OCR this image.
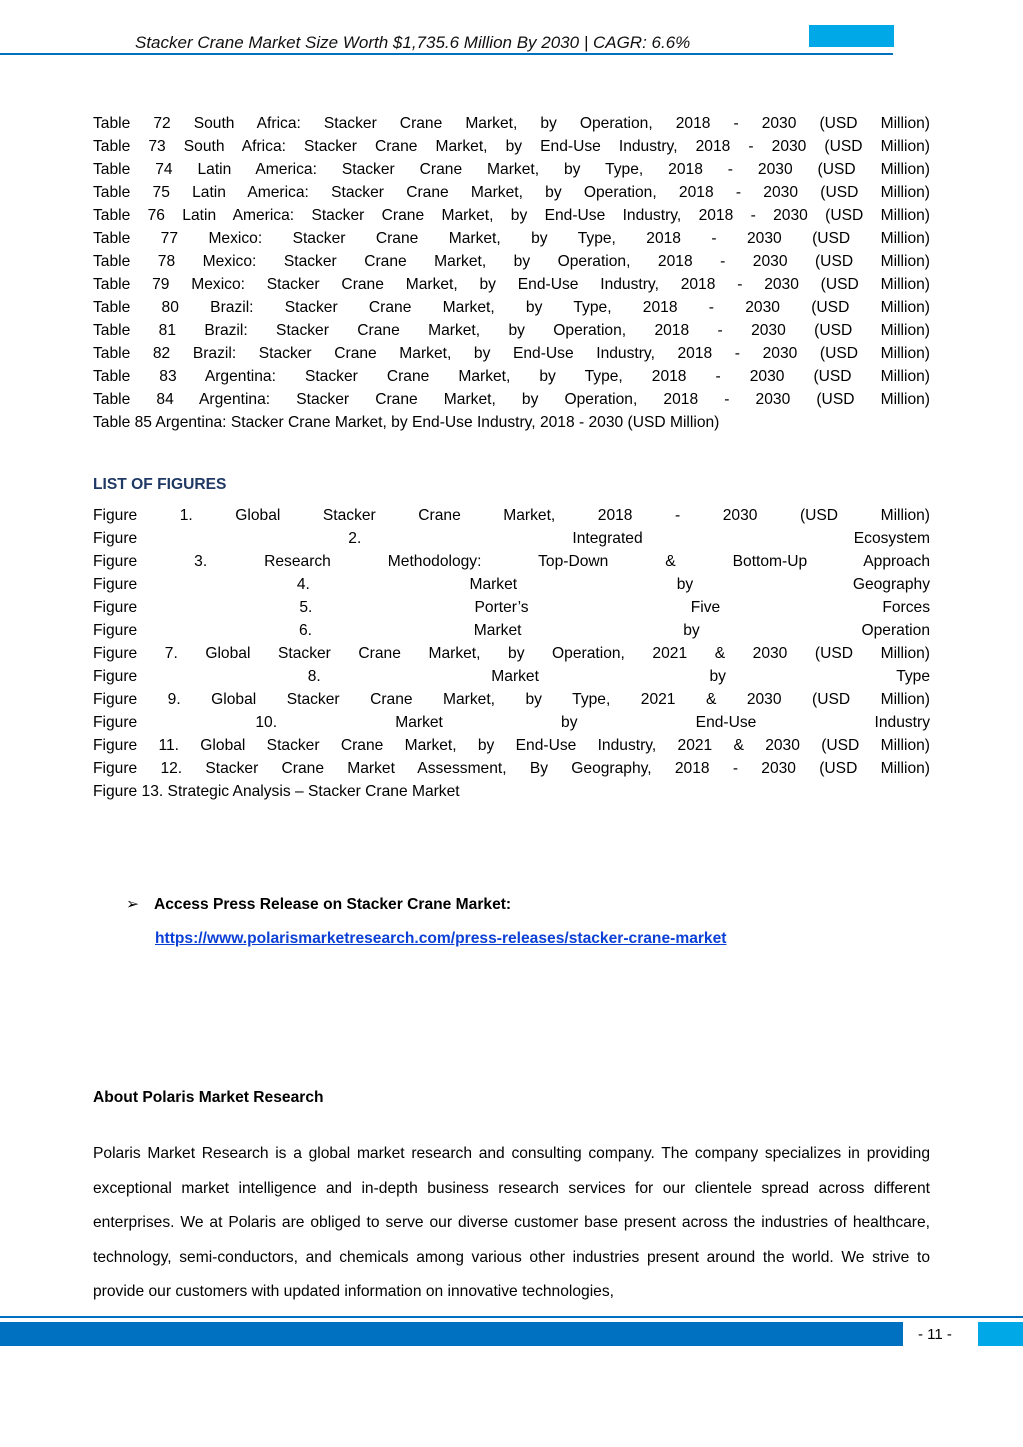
Stacker Crane Market Size Worth $1,735.6 Million By 2030 | CAGR: 6.6%
Table 72 South Africa: Stacker Crane Market, by Operation, 2018 - 2030 (USD Million)
Table 73 South Africa: Stacker Crane Market, by End-Use Industry, 2018 - 2030 (USD Million)
Table 74 Latin America: Stacker Crane Market, by Type, 2018 - 2030 (USD Million)
Table 75 Latin America: Stacker Crane Market, by Operation, 2018 - 2030 (USD Million)
Table 76 Latin America: Stacker Crane Market, by End-Use Industry, 2018 - 2030 (USD Million)
Table 77 Mexico: Stacker Crane Market, by Type, 2018 - 2030 (USD Million)
Table 78 Mexico: Stacker Crane Market, by Operation, 2018 - 2030 (USD Million)
Table 79 Mexico: Stacker Crane Market, by End-Use Industry, 2018 - 2030 (USD Million)
Table 80 Brazil: Stacker Crane Market, by Type, 2018 - 2030 (USD Million)
Table 81 Brazil: Stacker Crane Market, by Operation, 2018 - 2030 (USD Million)
Table 82 Brazil: Stacker Crane Market, by End-Use Industry, 2018 - 2030 (USD Million)
Table 83 Argentina: Stacker Crane Market, by Type, 2018 - 2030 (USD Million)
Table 84 Argentina: Stacker Crane Market, by Operation, 2018 - 2030 (USD Million)
Table 85 Argentina: Stacker Crane Market, by End-Use Industry, 2018 - 2030 (USD Million)
LIST OF FIGURES
Figure 1. Global Stacker Crane Market, 2018 - 2030 (USD Million)
Figure 2. Integrated Ecosystem
Figure 3. Research Methodology: Top-Down & Bottom-Up Approach
Figure 4. Market by Geography
Figure 5. Porter’s Five Forces
Figure 6. Market by Operation
Figure 7. Global Stacker Crane Market, by Operation, 2021 & 2030 (USD Million)
Figure 8. Market by Type
Figure 9. Global Stacker Crane Market, by Type, 2021 & 2030 (USD Million)
Figure 10. Market by End-Use Industry
Figure 11. Global Stacker Crane Market, by End-Use Industry, 2021 & 2030 (USD Million)
Figure 12. Stacker Crane Market Assessment, By Geography, 2018 - 2030 (USD Million)
Figure 13. Strategic Analysis – Stacker Crane Market
➢ Access Press Release on Stacker Crane Market:
https://www.polarismarketresearch.com/press-releases/stacker-crane-market
About Polaris Market Research
Polaris Market Research is a global market research and consulting company. The company specializes in providing exceptional market intelligence and in-depth business research services for our clientele spread across different enterprises. We at Polaris are obliged to serve our diverse customer base present across the industries of healthcare, technology, semi-conductors, and chemicals among various other industries present around the world. We strive to provide our customers with updated information on innovative technologies,
- 11 -
